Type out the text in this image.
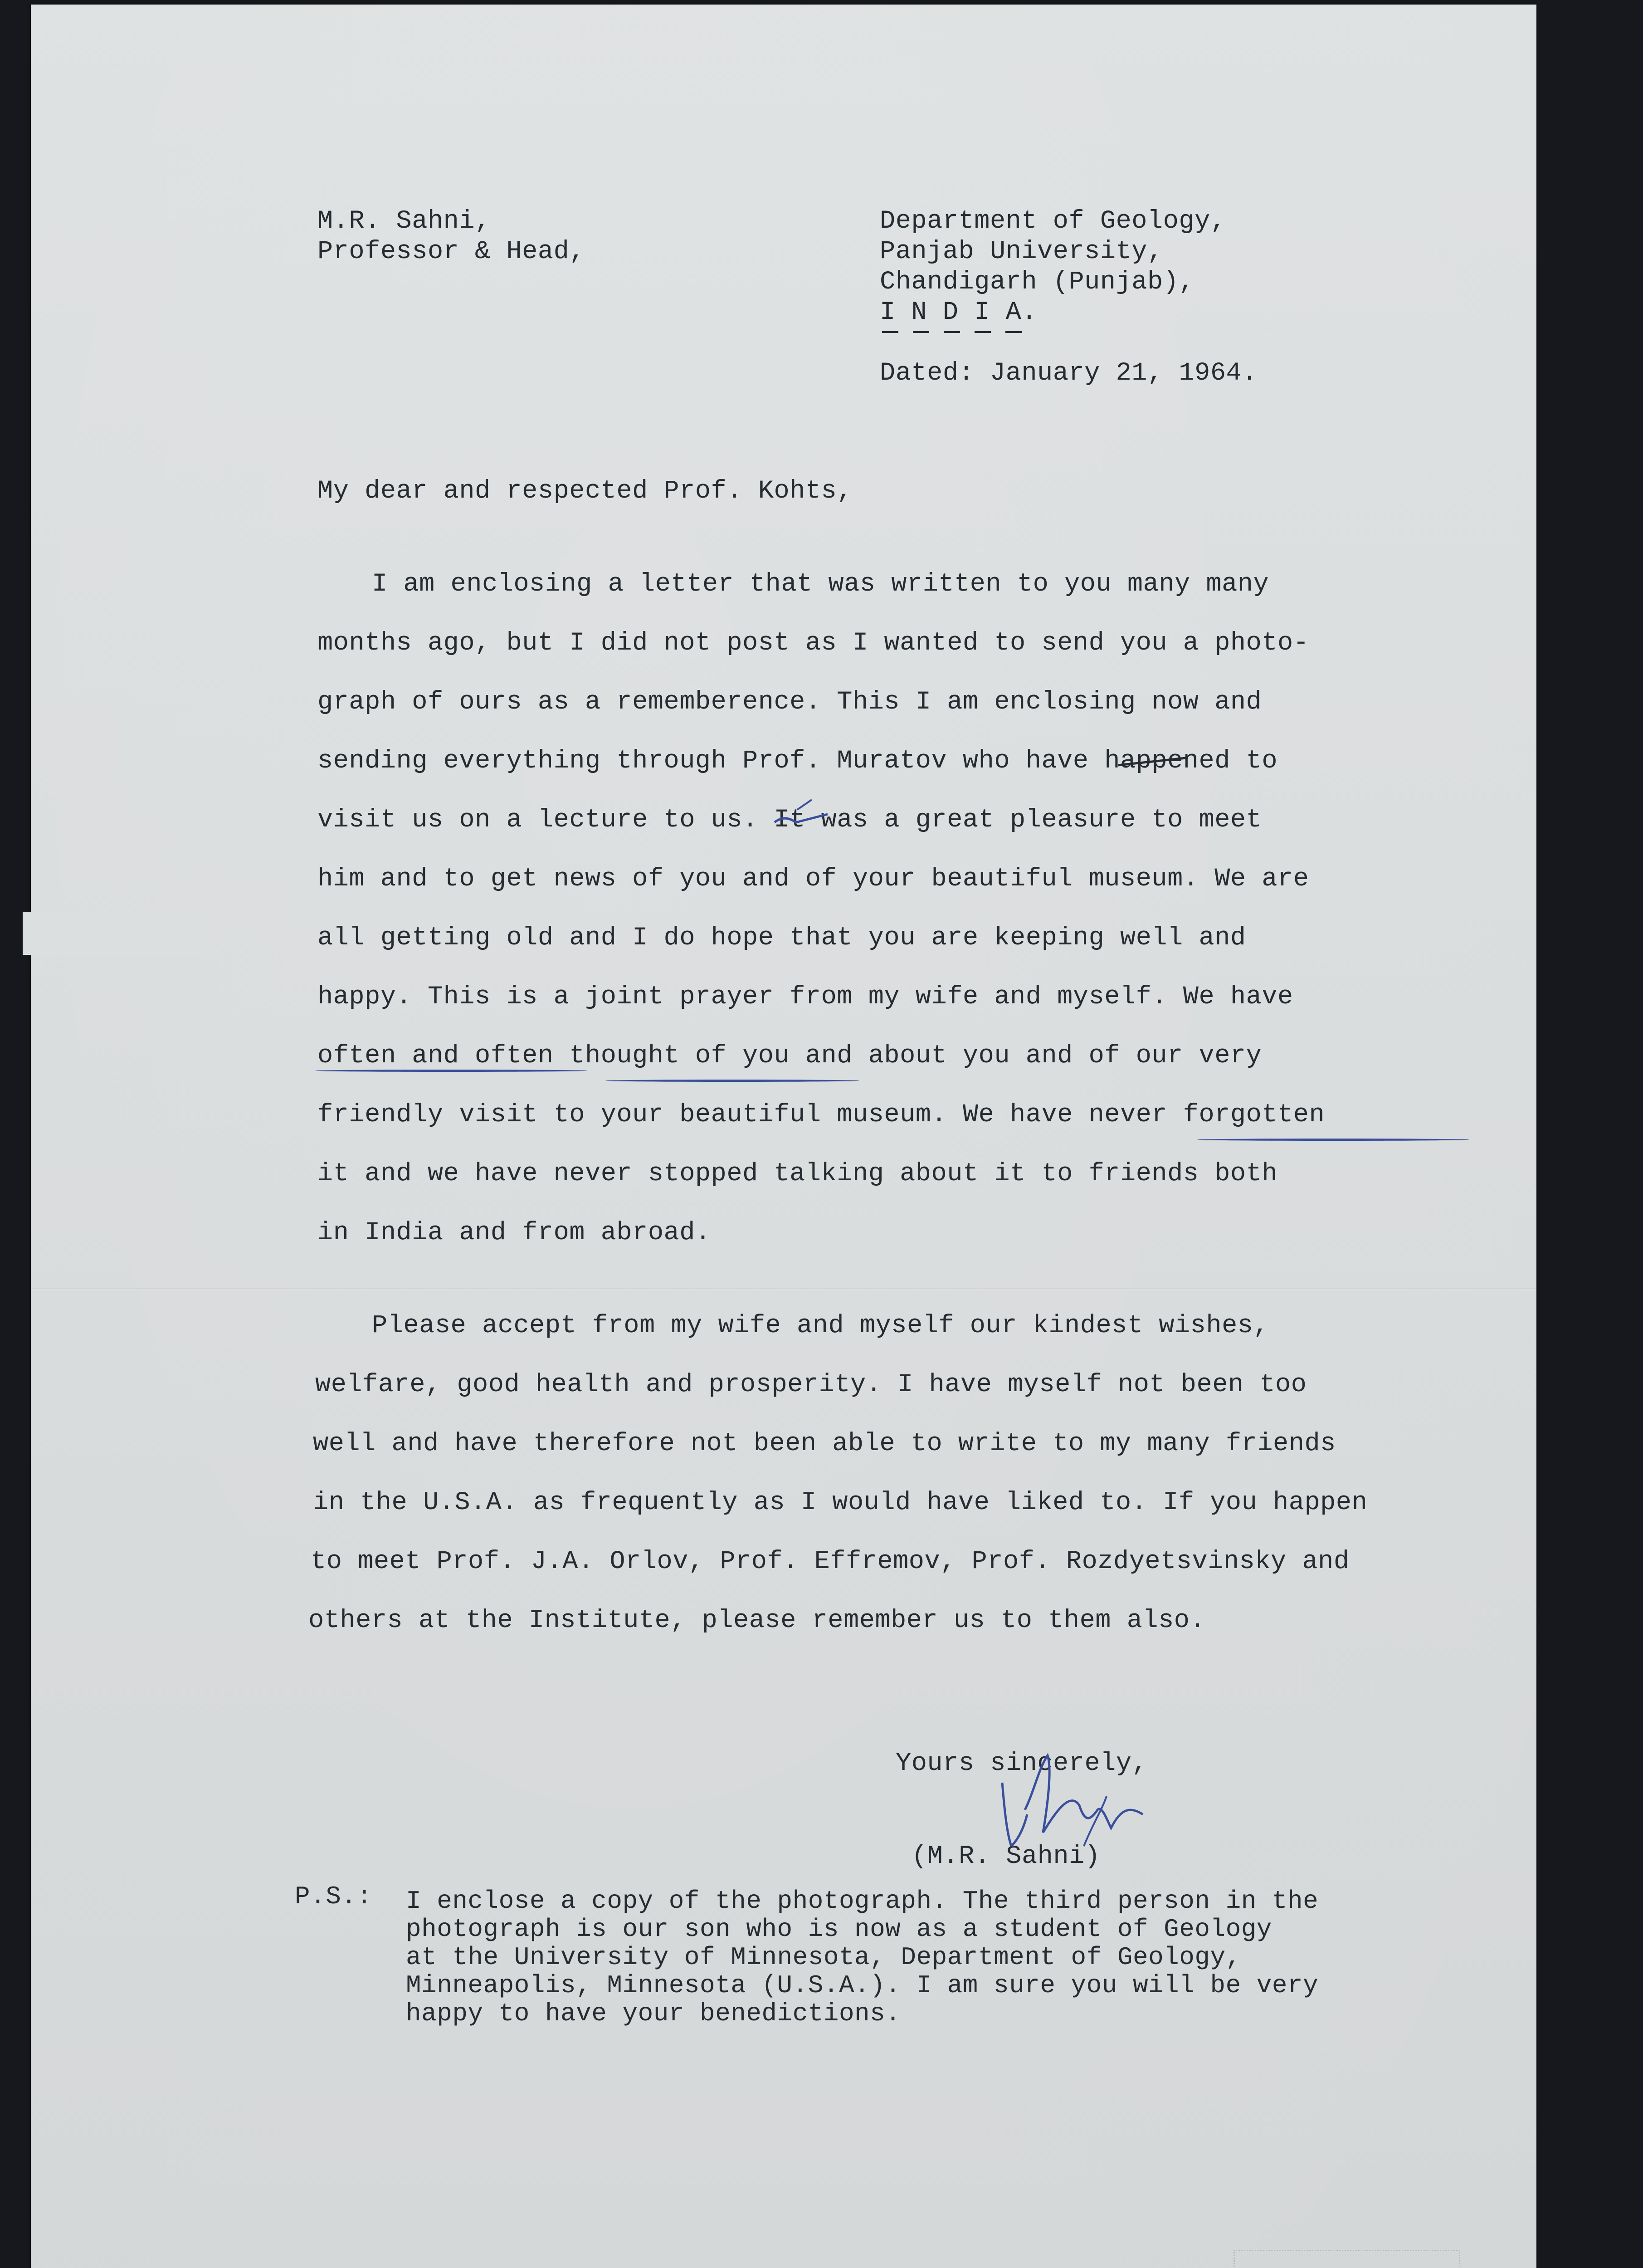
M.R. Sahni,
Professor & Head,
Department of Geology,
Panjab University,
Chandigarh (Punjab),
I N D I A.
Dated: January 21, 1964.
My dear and respected Prof. Kohts,
I am enclosing a letter that was written to you many many
months ago, but I did not post as I wanted to send you a photo-
graph of ours as a rememberence. This I am enclosing now and
sending everything through Prof. Muratov who have happened to
visit us on a lecture to us. It was a great pleasure to meet
him and to get news of you and of your beautiful museum. We are
all getting old and I do hope that you are keeping well and
happy. This is a joint prayer from my wife and myself. We have
often and often thought of you and about you and of our very
friendly visit to your beautiful museum. We have never forgotten
it and we have never stopped talking about it to friends both
in India and from abroad.
Please accept from my wife and myself our kindest wishes,
welfare, good health and prosperity. I have myself not been too
well and have therefore not been able to write to my many friends
in the U.S.A. as frequently as I would have liked to. If you happen
to meet Prof. J.A. Orlov, Prof. Effremov, Prof. Rozdyetsvinsky and
others at the Institute, please remember us to them also.
Yours sincerely,
(M.R. Sahni)
P.S.: I enclose a copy of the photograph. The third person in the
photograph is our son who is now as a student of Geology
at the University of Minnesota, Department of Geology,
Minneapolis, Minnesota (U.S.A.). I am sure you will be very
happy to have your benedictions.
